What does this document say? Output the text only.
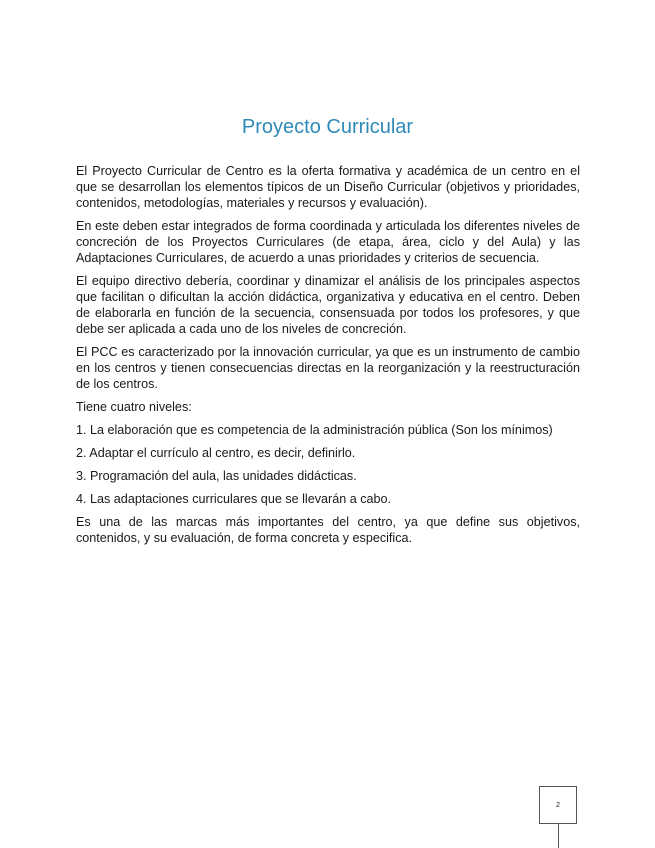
Proyecto Curricular

El Proyecto Curricular de Centro es la oferta formativa y académica de un centro en el que se desarrollan los elementos típicos de un Diseño Curricular (objetivos y prioridades, contenidos, metodologías, materiales y recursos y evaluación).

En este deben estar integrados de forma coordinada y articulada los diferentes niveles de concreción de los Proyectos Curriculares (de etapa, área, ciclo y del Aula) y las Adaptaciones Curriculares, de acuerdo a unas prioridades y criterios de secuencia.

El equipo directivo debería, coordinar y dinamizar el análisis de los principales aspectos que facilitan o dificultan la acción didáctica, organizativa y educativa en el centro. Deben de elaborarla en función de la secuencia, consensuada por todos los profesores, y que debe ser aplicada a cada uno de los niveles de concreción.

El PCC es caracterizado por la innovación curricular, ya que es un instrumento de cambio en los centros y tienen consecuencias directas en la reorganización y la reestructuración de los centros.

Tiene cuatro niveles:

1. La elaboración que es competencia de la administración pública (Son los mínimos)

2. Adaptar el currículo al centro, es decir, definirlo.

3. Programación del aula, las unidades didácticas.

4. Las adaptaciones curriculares que se llevarán a cabo.

Es una de las marcas más importantes del centro, ya que define sus objetivos, contenidos, y su evaluación, de forma concreta y especifica.

2
